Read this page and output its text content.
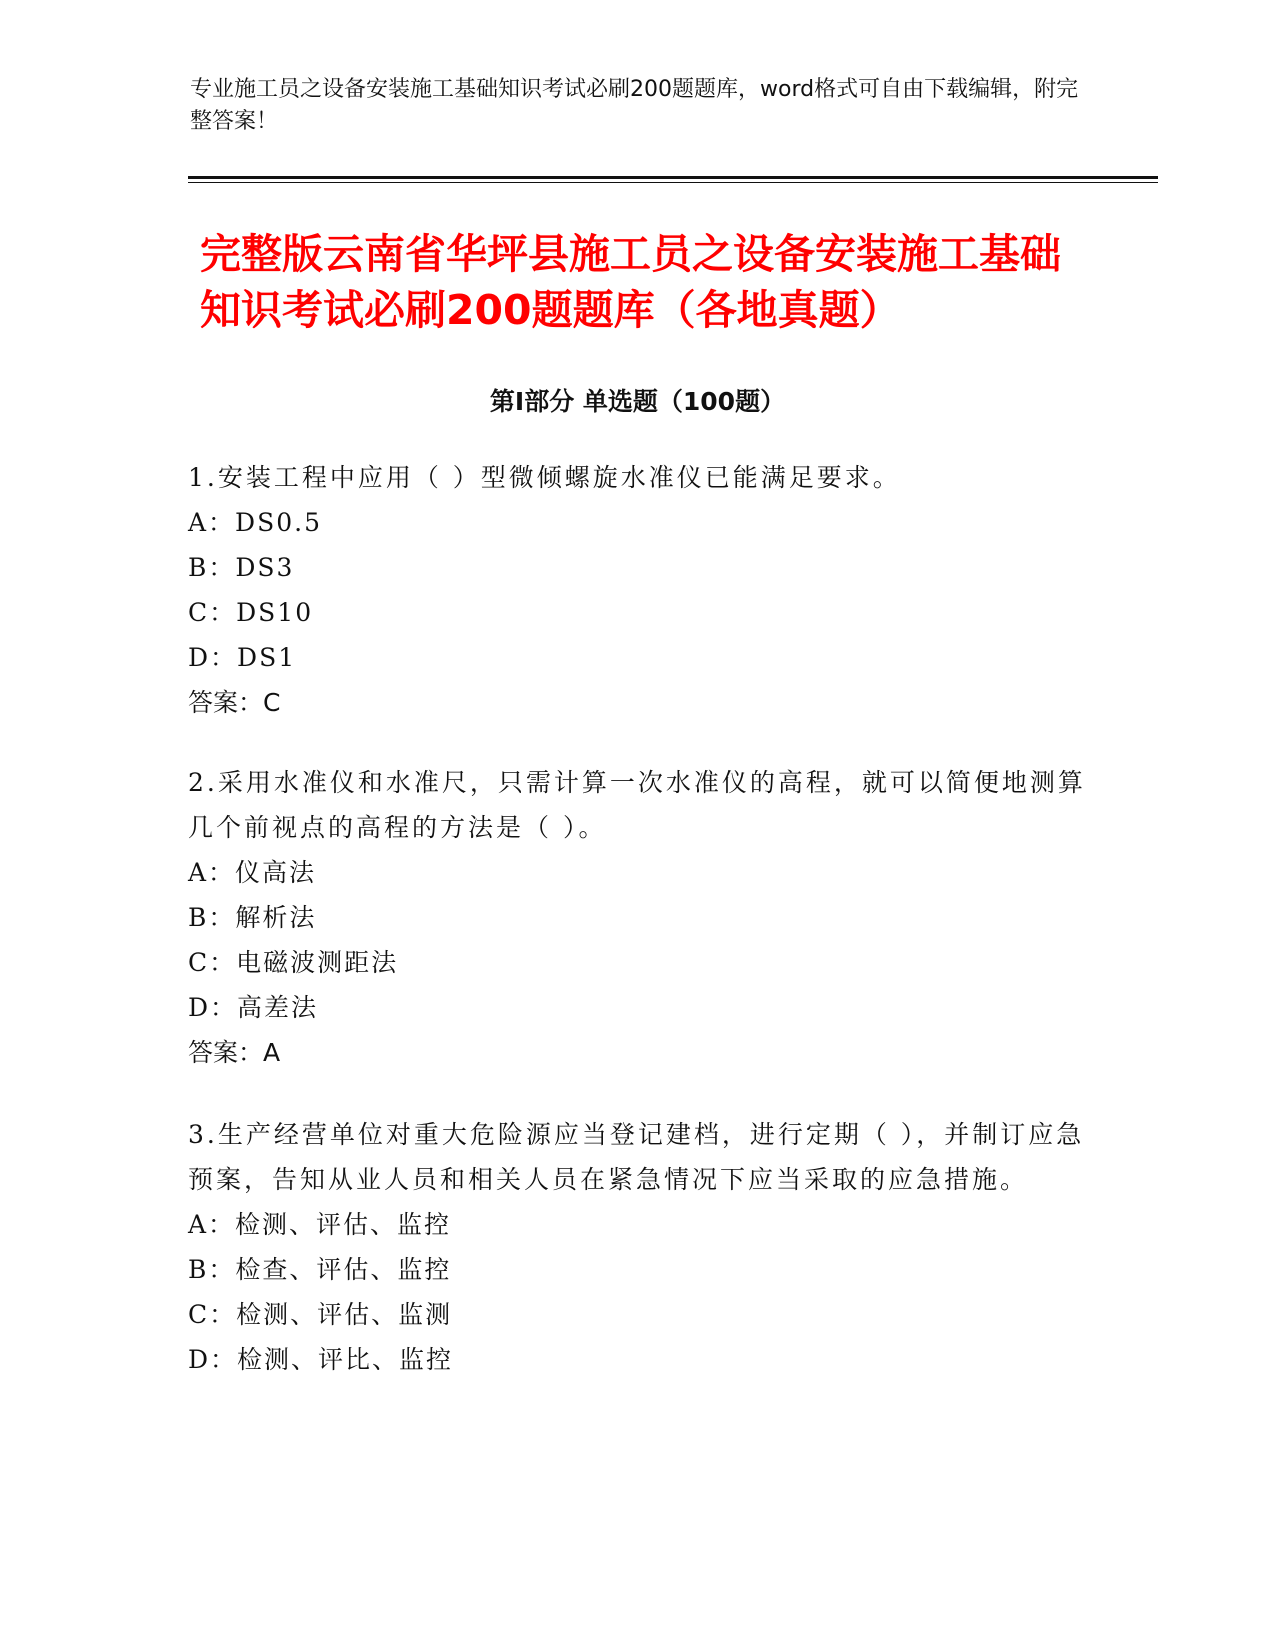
专业施工员之设备安装施工基础知识考试必刷200题题库，word格式可自由下载编辑，附完整答案！
完整版云南省华坪县施工员之设备安装施工基础知识考试必刷200题题库（各地真题）
第Ⅰ部分 单选题（100题）
1.安装工程中应用（ ）型微倾螺旋水准仪已能满足要求。
A：DS0.5
B：DS3
C：DS10
D：DS1
答案：C
2.采用水准仪和水准尺，只需计算一次水准仪的高程，就可以简便地测算几个前视点的高程的方法是（ ）。
A：仪高法
B：解析法
C：电磁波测距法
D：高差法
答案：A
3.生产经营单位对重大危险源应当登记建档，进行定期（ ），并制订应急预案，告知从业人员和相关人员在紧急情况下应当采取的应急措施。
A：检测、评估、监控
B：检查、评估、监控
C：检测、评估、监测
D：检测、评比、监控
